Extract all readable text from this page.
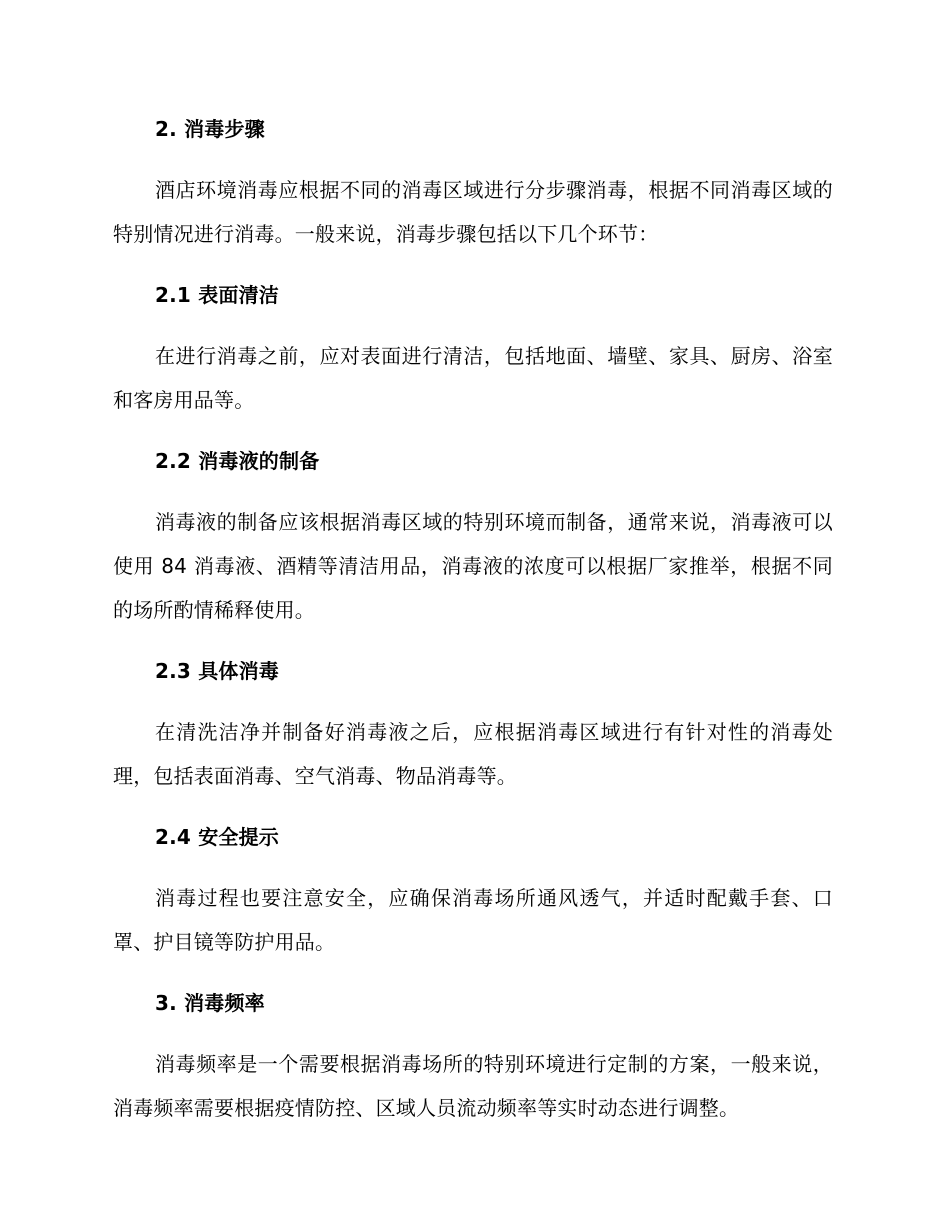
2. 消毒步骤

酒店环境消毒应根据不同的消毒区域进行分步骤消毒，根据不同消毒区域的特别情况进行消毒。一般来说，消毒步骤包括以下几个环节：

2.1 表面清洁

在进行消毒之前，应对表面进行清洁，包括地面、墙壁、家具、厨房、浴室和客房用品等。

2.2 消毒液的制备

消毒液的制备应该根据消毒区域的特别环境而制备，通常来说，消毒液可以使用 84 消毒液、酒精等清洁用品，消毒液的浓度可以根据厂家推举，根据不同的场所酌情稀释使用。

2.3 具体消毒

在清洗洁净并制备好消毒液之后，应根据消毒区域进行有针对性的消毒处理，包括表面消毒、空气消毒、物品消毒等。

2.4 安全提示

消毒过程也要注意安全，应确保消毒场所通风透气，并适时配戴手套、口罩、护目镜等防护用品。

3. 消毒频率

消毒频率是一个需要根据消毒场所的特别环境进行定制的方案，一般来说，消毒频率需要根据疫情防控、区域人员流动频率等实时动态进行调整。
